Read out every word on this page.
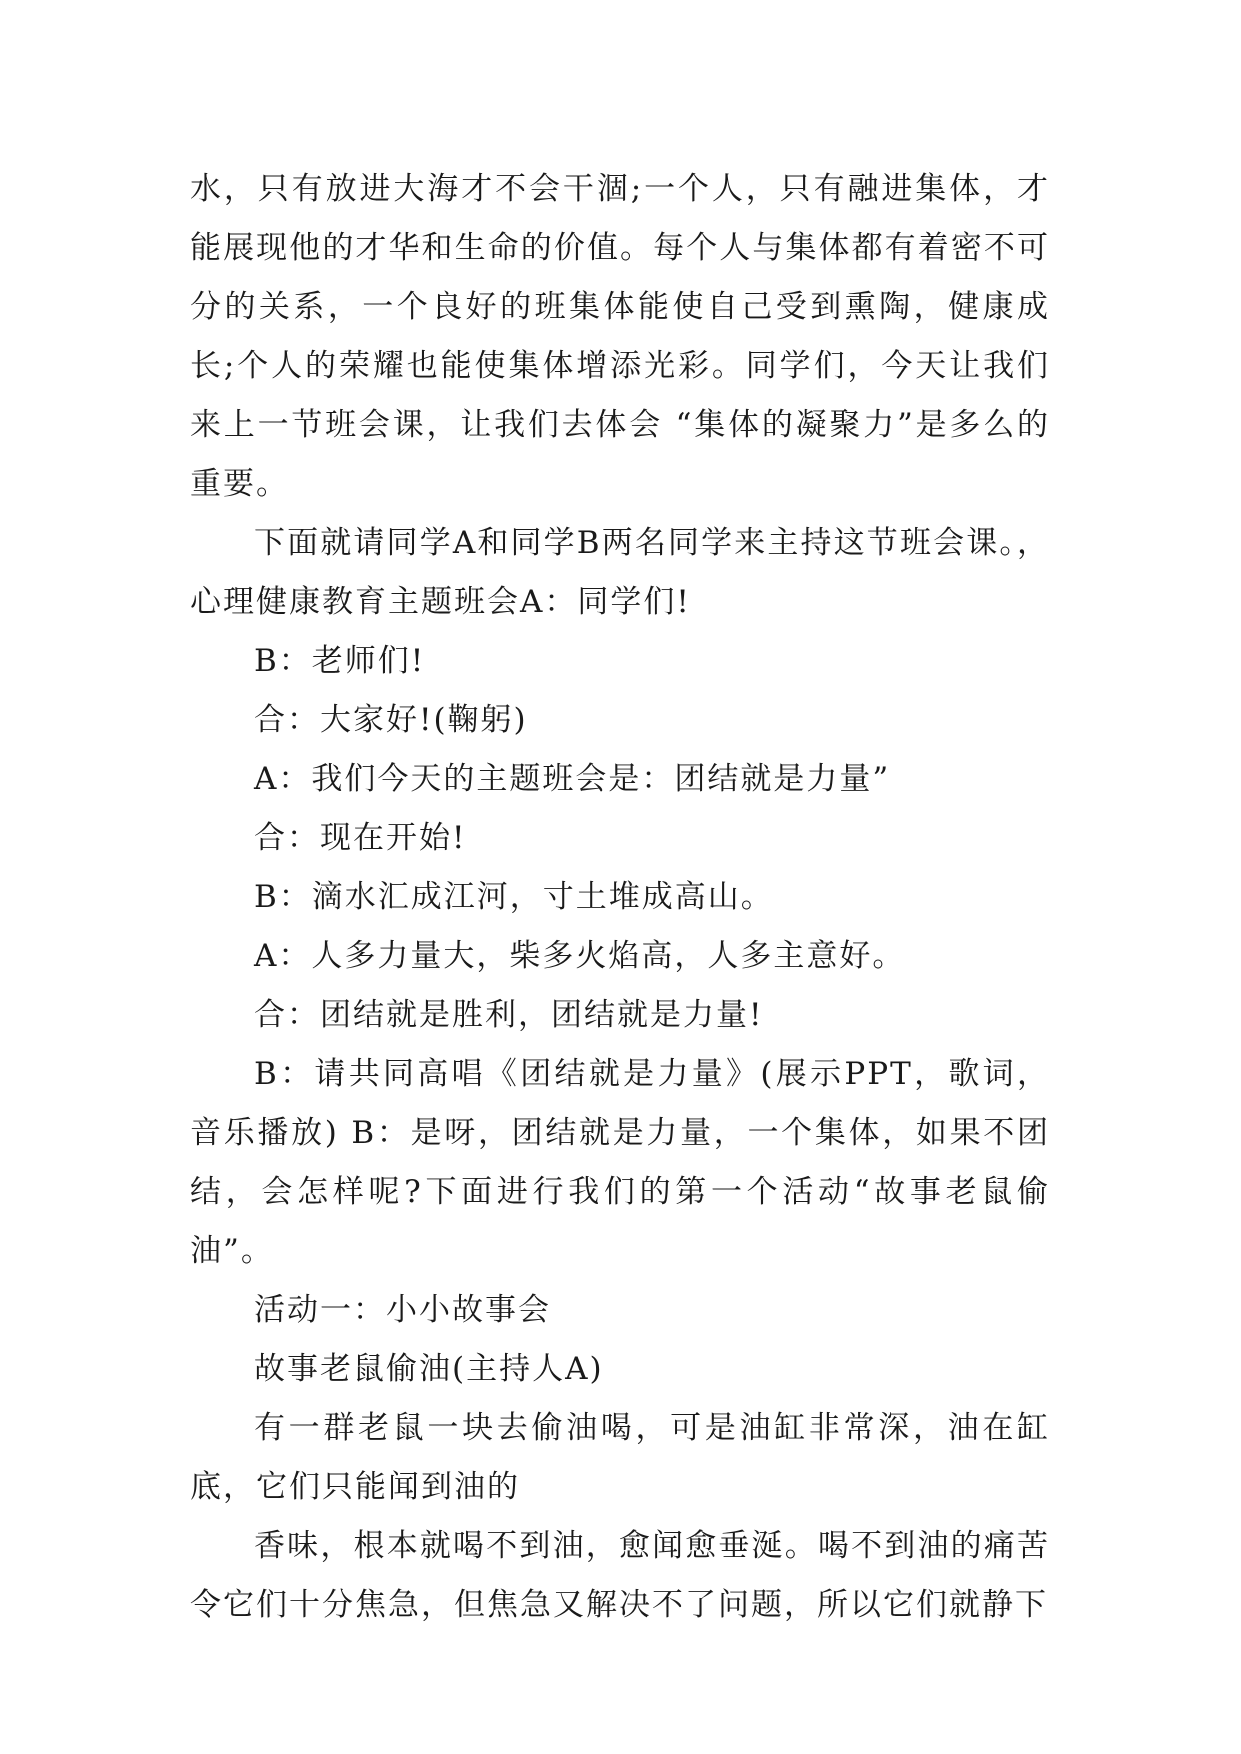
水，只有放进大海才不会干涸;一个人，只有融进集体，才能展现他的才华和生命的价值。每个人与集体都有着密不可分的关系，一个良好的班集体能使自己受到熏陶，健康成长;个人的荣耀也能使集体增添光彩。同学们，今天让我们来上一节班会课，让我们去体会 “集体的凝聚力”是多么的重要。

下面就请同学A和同学B两名同学来主持这节班会课。，心理健康教育主题班会A：同学们!

B：老师们!

合：大家好!(鞠躬)

A：我们今天的主题班会是：团结就是力量”

合：现在开始!

B：滴水汇成江河，寸土堆成高山。

A：人多力量大，柴多火焰高，人多主意好。

合：团结就是胜利，团结就是力量!

B：请共同高唱《团结就是力量》(展示PPT，歌词，音乐播放) B：是呀，团结就是力量，一个集体，如果不团结，会怎样呢?下面进行我们的第一个活动“故事老鼠偷油”。

活动一：小小故事会

故事老鼠偷油(主持人A)

有一群老鼠一块去偷油喝，可是油缸非常深，油在缸底，它们只能闻到油的

香味，根本就喝不到油，愈闻愈垂涎。喝不到油的痛苦令它们十分焦急，但焦急又解决不了问题，所以它们就静下
